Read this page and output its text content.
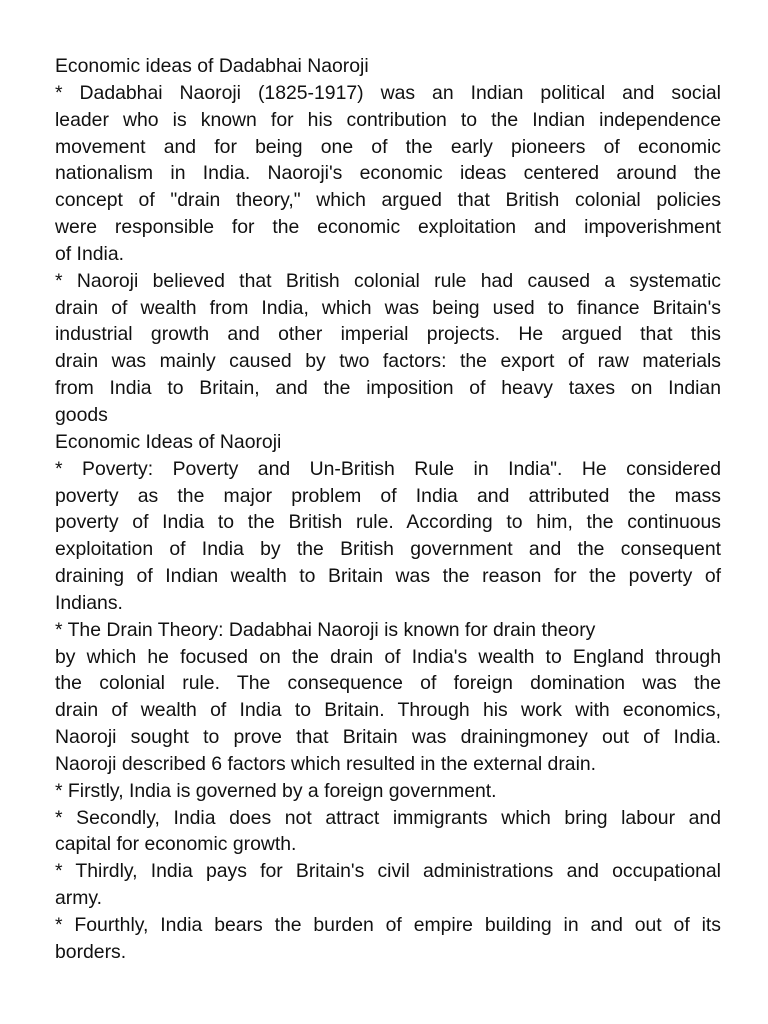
Economic ideas of Dadabhai Naoroji
* Dadabhai Naoroji (1825-1917) was an Indian political and social
leader who is known for his contribution to the Indian independence
movement and for being one of the early pioneers of economic
nationalism in India. Naoroji's economic ideas centered around the
concept of "drain theory," which argued that British colonial policies
were responsible for the economic exploitation and impoverishment
of India.
* Naoroji believed that British colonial rule had caused a systematic
drain of wealth from India, which was being used to finance Britain's
industrial growth and other imperial projects. He argued that this
drain was mainly caused by two factors: the export of raw materials
from India to Britain, and the imposition of heavy taxes on Indian
goods
Economic Ideas of Naoroji
* Poverty: Poverty and Un-British Rule in India". He considered
poverty as the major problem of India and attributed the mass
poverty of India to the British rule. According to him, the continuous
exploitation of India by the British government and the consequent
draining of Indian wealth to Britain was the reason for the poverty of
Indians.
* The Drain Theory: Dadabhai Naoroji is known for drain theory
by which he focused on the drain of India's wealth to England through
the colonial rule. The consequence of foreign domination was the
drain of wealth of India to Britain. Through his work with economics,
Naoroji sought to prove that Britain was drainingmoney out of India.
Naoroji described 6 factors which resulted in the external drain.
* Firstly, India is governed by a foreign government.
* Secondly, India does not attract immigrants which bring labour and
capital for economic growth.
* Thirdly, India pays for Britain's civil administrations and occupational
army.
* Fourthly, India bears the burden of empire building in and out of its
borders.
